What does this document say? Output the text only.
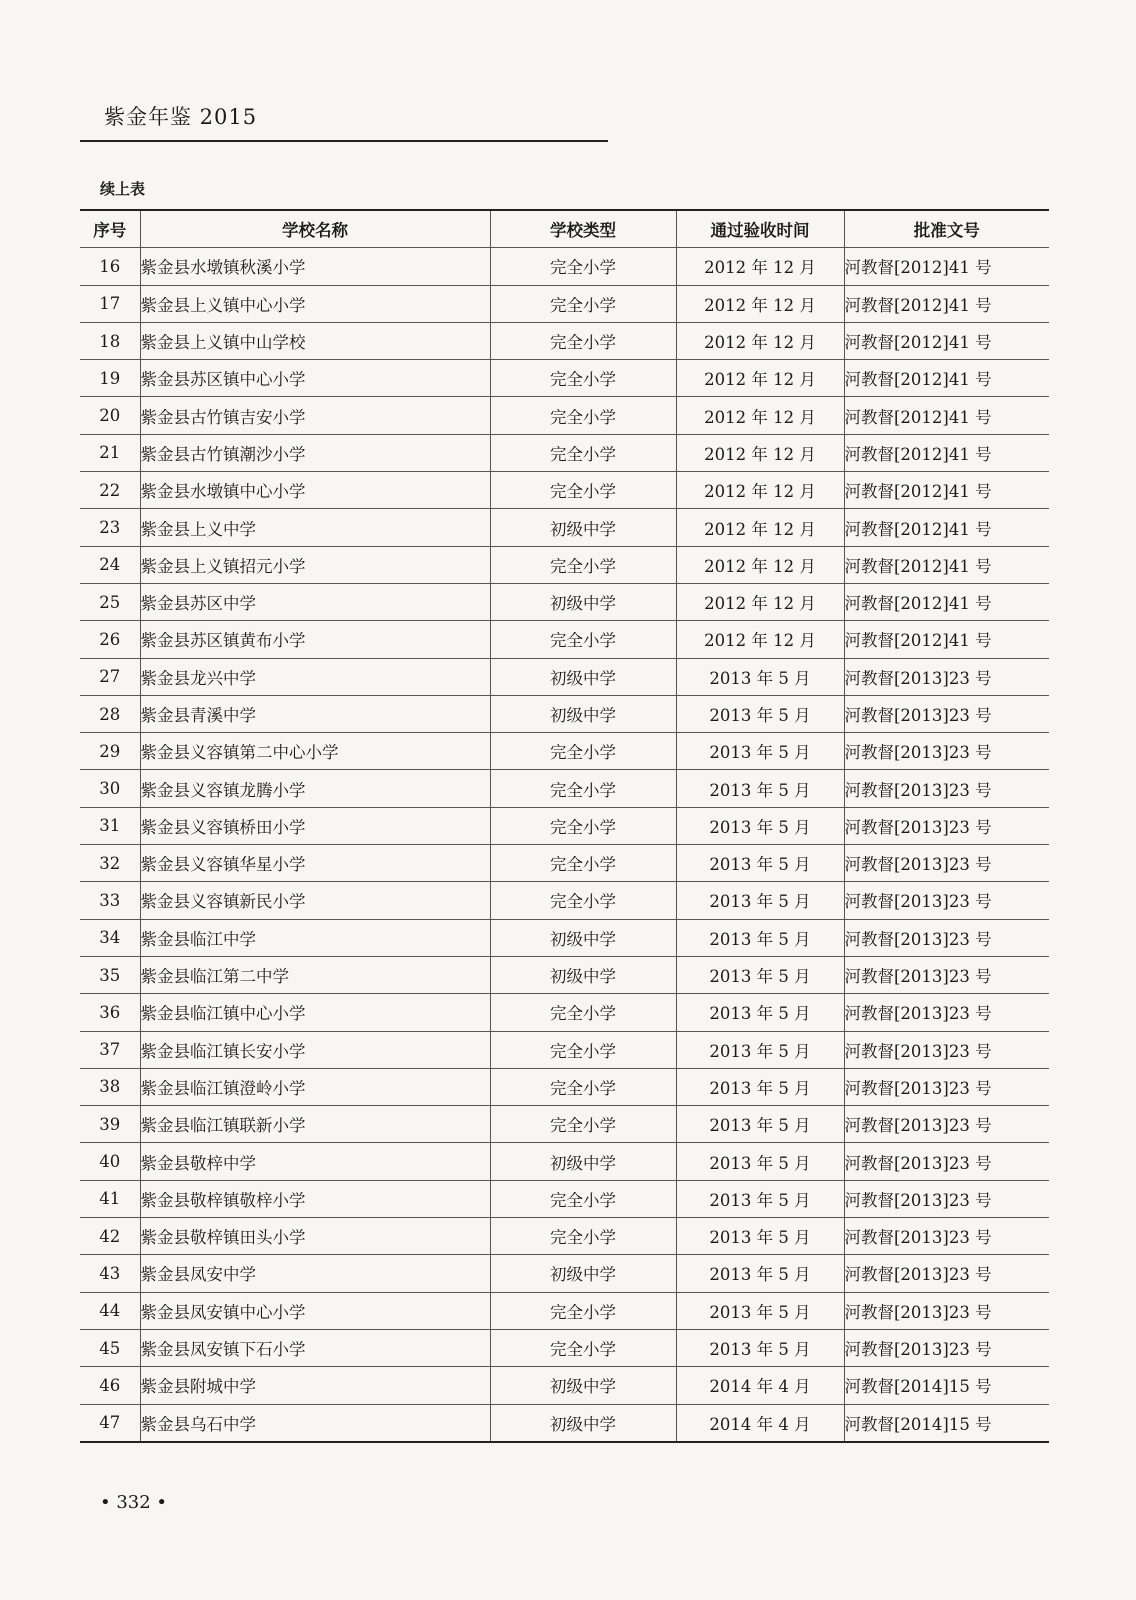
紫金年鉴 2015
续上表
序号	学校名称	学校类型	通过验收时间	批准文号
16	紫金县水墩镇秋溪小学	完全小学	2012 年 12 月	河教督[2012]41 号
17	紫金县上义镇中心小学	完全小学	2012 年 12 月	河教督[2012]41 号
18	紫金县上义镇中山学校	完全小学	2012 年 12 月	河教督[2012]41 号
19	紫金县苏区镇中心小学	完全小学	2012 年 12 月	河教督[2012]41 号
20	紫金县古竹镇吉安小学	完全小学	2012 年 12 月	河教督[2012]41 号
21	紫金县古竹镇潮沙小学	完全小学	2012 年 12 月	河教督[2012]41 号
22	紫金县水墩镇中心小学	完全小学	2012 年 12 月	河教督[2012]41 号
23	紫金县上义中学	初级中学	2012 年 12 月	河教督[2012]41 号
24	紫金县上义镇招元小学	完全小学	2012 年 12 月	河教督[2012]41 号
25	紫金县苏区中学	初级中学	2012 年 12 月	河教督[2012]41 号
26	紫金县苏区镇黄布小学	完全小学	2012 年 12 月	河教督[2012]41 号
27	紫金县龙兴中学	初级中学	2013 年 5 月	河教督[2013]23 号
28	紫金县青溪中学	初级中学	2013 年 5 月	河教督[2013]23 号
29	紫金县义容镇第二中心小学	完全小学	2013 年 5 月	河教督[2013]23 号
30	紫金县义容镇龙腾小学	完全小学	2013 年 5 月	河教督[2013]23 号
31	紫金县义容镇桥田小学	完全小学	2013 年 5 月	河教督[2013]23 号
32	紫金县义容镇华星小学	完全小学	2013 年 5 月	河教督[2013]23 号
33	紫金县义容镇新民小学	完全小学	2013 年 5 月	河教督[2013]23 号
34	紫金县临江中学	初级中学	2013 年 5 月	河教督[2013]23 号
35	紫金县临江第二中学	初级中学	2013 年 5 月	河教督[2013]23 号
36	紫金县临江镇中心小学	完全小学	2013 年 5 月	河教督[2013]23 号
37	紫金县临江镇长安小学	完全小学	2013 年 5 月	河教督[2013]23 号
38	紫金县临江镇澄岭小学	完全小学	2013 年 5 月	河教督[2013]23 号
39	紫金县临江镇联新小学	完全小学	2013 年 5 月	河教督[2013]23 号
40	紫金县敬梓中学	初级中学	2013 年 5 月	河教督[2013]23 号
41	紫金县敬梓镇敬梓小学	完全小学	2013 年 5 月	河教督[2013]23 号
42	紫金县敬梓镇田头小学	完全小学	2013 年 5 月	河教督[2013]23 号
43	紫金县凤安中学	初级中学	2013 年 5 月	河教督[2013]23 号
44	紫金县凤安镇中心小学	完全小学	2013 年 5 月	河教督[2013]23 号
45	紫金县凤安镇下石小学	完全小学	2013 年 5 月	河教督[2013]23 号
46	紫金县附城中学	初级中学	2014 年 4 月	河教督[2014]15 号
47	紫金县乌石中学	初级中学	2014 年 4 月	河教督[2014]15 号
• 332 •
